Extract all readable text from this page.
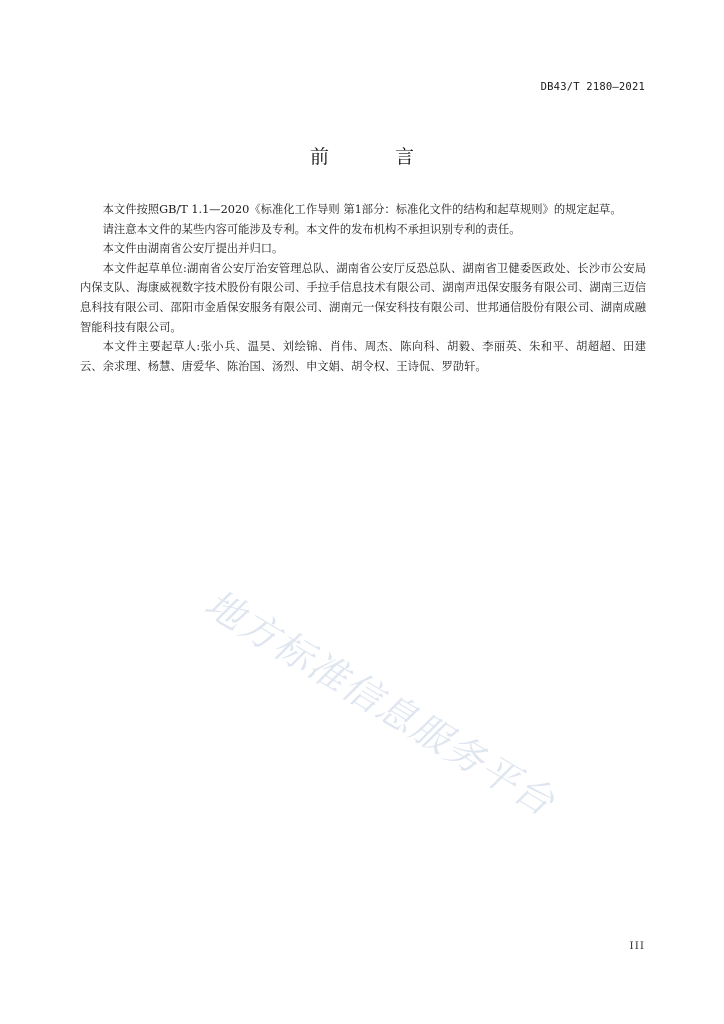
DB43/T 2180—2021
前 言

本文件按照GB/T 1.1—2020《标准化工作导则 第1部分：标准化文件的结构和起草规则》的规定起草。

请注意本文件的某些内容可能涉及专利。本文件的发布机构不承担识别专利的责任。

本文件由湖南省公安厅提出并归口。

本文件起草单位:湖南省公安厅治安管理总队、湖南省公安厅反恐总队、湖南省卫健委医政处、长沙市公安局内保支队、海康威视数字技术股份有限公司、手拉手信息技术有限公司、湖南声迅保安服务有限公司、湖南三迈信息科技有限公司、邵阳市金盾保安服务有限公司、湖南元一保安科技有限公司、世邦通信股份有限公司、湖南成融智能科技有限公司。

本文件主要起草人:张小兵、温昊、刘绘锦、肖伟、周杰、陈向科、胡毅、李丽英、朱和平、胡超超、田建云、余求理、杨慧、唐爱华、陈治国、汤烈、申文娟、胡令权、王诗侃、罗劭轩。

地方标准信息服务平台
III
